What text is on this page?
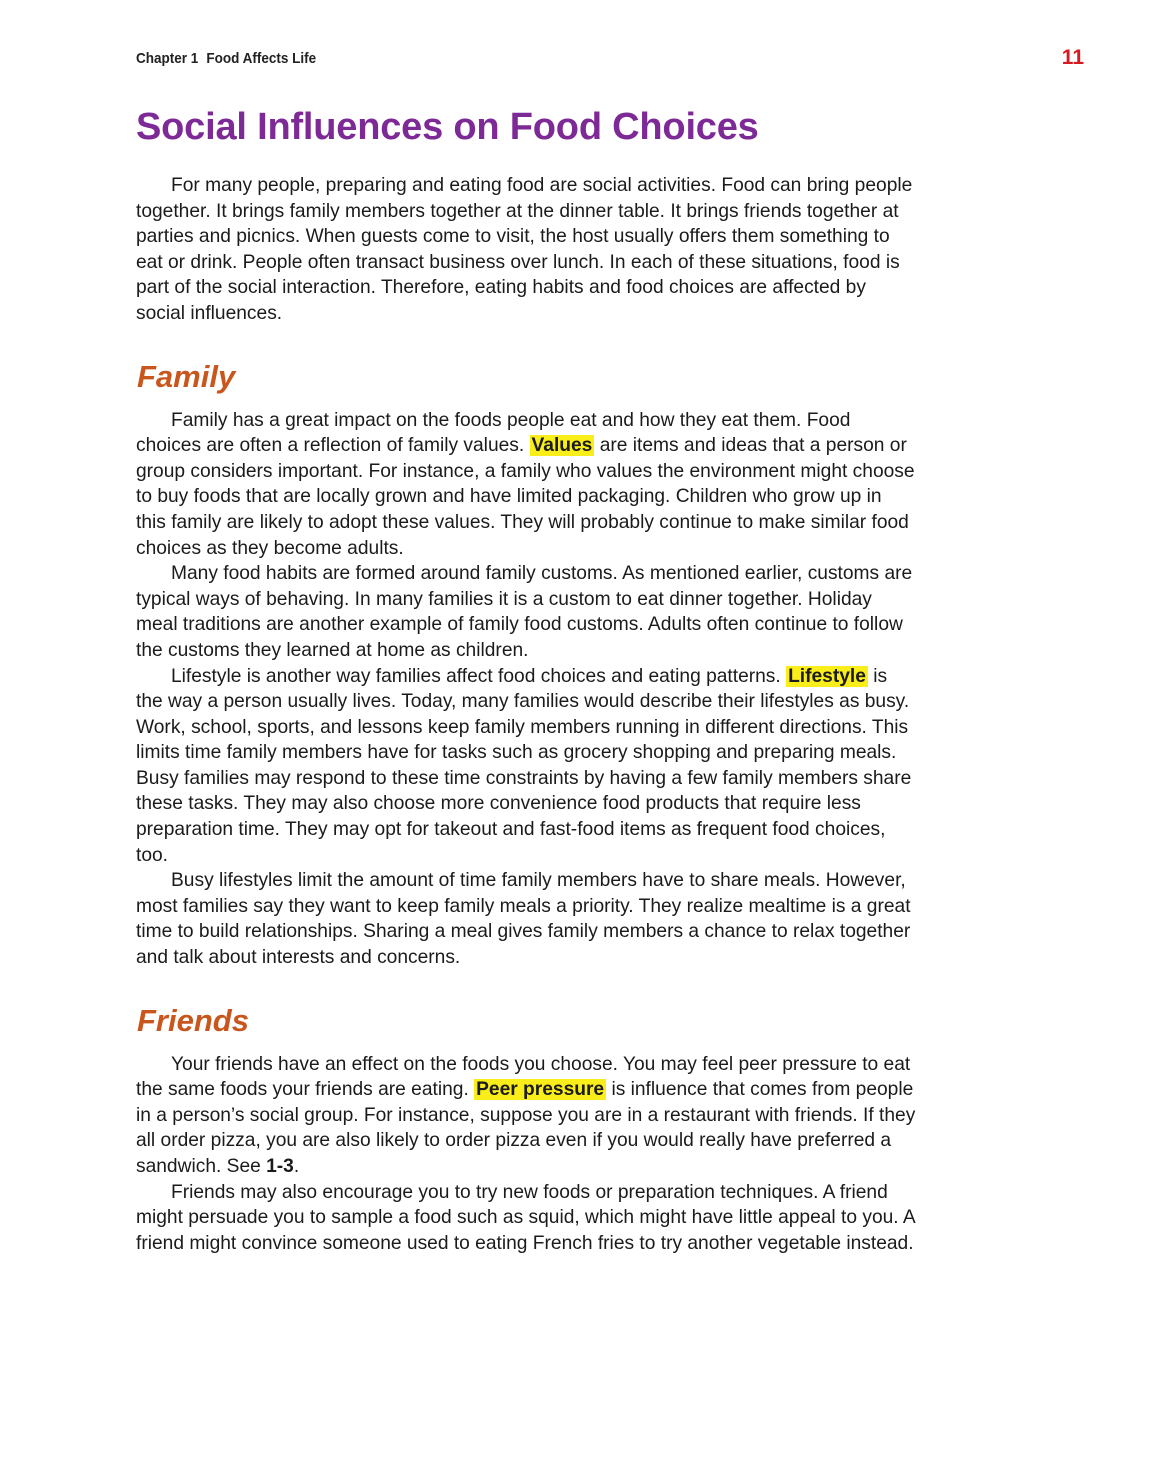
Chapter 1 Food Affects Life	11
Social Influences on Food Choices

For many people, preparing and eating food are social activities. Food can bring people together. It brings family members together at the dinner table. It brings friends together at parties and picnics. When guests come to visit, the host usually offers them something to eat or drink. People often transact business over lunch. In each of these situations, food is part of the social interaction. Therefore, eating habits and food choices are affected by social influences.

Family

Family has a great impact on the foods people eat and how they eat them. Food choices are often a reflection of family values. Values are items and ideas that a person or group considers important. For instance, a family who values the environment might choose to buy foods that are locally grown and have limited packaging. Children who grow up in this family are likely to adopt these values. They will probably continue to make similar food choices as they become adults.

Many food habits are formed around family customs. As mentioned earlier, customs are typical ways of behaving. In many families it is a custom to eat dinner together. Holiday meal traditions are another example of family food customs. Adults often continue to follow the customs they learned at home as children.

Lifestyle is another way families affect food choices and eating patterns. Lifestyle is the way a person usually lives. Today, many families would describe their lifestyles as busy. Work, school, sports, and lessons keep family members running in different directions. This limits time family members have for tasks such as grocery shopping and preparing meals. Busy families may respond to these time constraints by having a few family members share these tasks. They may also choose more convenience food products that require less preparation time. They may opt for takeout and fast-food items as frequent food choices, too.

Busy lifestyles limit the amount of time family members have to share meals. However, most families say they want to keep family meals a priority. They realize mealtime is a great time to build relationships. Sharing a meal gives family members a chance to relax together and talk about interests and concerns.

Friends

Your friends have an effect on the foods you choose. You may feel peer pressure to eat the same foods your friends are eating. Peer pressure is influence that comes from people in a person’s social group. For instance, suppose you are in a restaurant with friends. If they all order pizza, you are also likely to order pizza even if you would really have preferred a sandwich. See 1-3.

Friends may also encourage you to try new foods or preparation techniques. A friend might persuade you to sample a food such as squid, which might have little appeal to you. A friend might convince someone used to eating French fries to try another vegetable instead.
